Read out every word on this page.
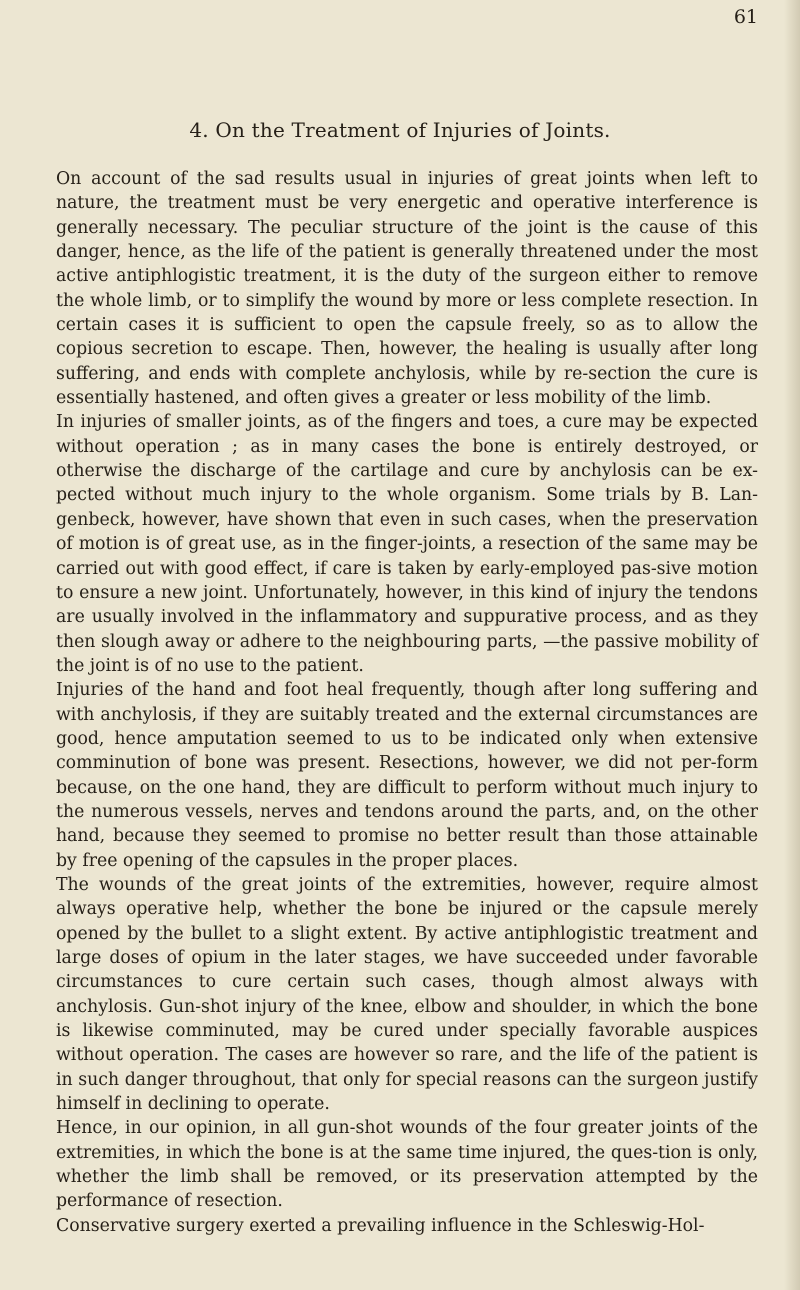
61
4. On the Treatment of Injuries of Joints.

On account of the sad results usual in injuries of great joints when left to nature, the treatment must be very energetic and operative interference is generally necessary. The peculiar structure of the joint is the cause of this danger, hence, as the life of the patient is generally threatened under the most active antiphlogistic treatment, it is the duty of the surgeon either to remove the whole limb, or to simplify the wound by more or less complete resection. In certain cases it is sufficient to open the capsule freely, so as to allow the copious secretion to escape. Then, however, the healing is usually after long suffering, and ends with complete anchylosis, while by re-section the cure is essentially hastened, and often gives a greater or less mobility of the limb.

In injuries of smaller joints, as of the fingers and toes, a cure may be expected without operation ; as in many cases the bone is entirely destroyed, or otherwise the discharge of the cartilage and cure by anchylosis can be ex-pected without much injury to the whole organism. Some trials by B. Lan-genbeck, however, have shown that even in such cases, when the preservation of motion is of great use, as in the finger-joints, a resection of the same may be carried out with good effect, if care is taken by early-employed pas-sive motion to ensure a new joint. Unfortunately, however, in this kind of injury the tendons are usually involved in the inflammatory and suppurative process, and as they then slough away or adhere to the neighbouring parts, —the passive mobility of the joint is of no use to the patient.

Injuries of the hand and foot heal frequently, though after long suffering and with anchylosis, if they are suitably treated and the external circumstances are good, hence amputation seemed to us to be indicated only when extensive comminution of bone was present. Resections, however, we did not per-form because, on the one hand, they are difficult to perform without much injury to the numerous vessels, nerves and tendons around the parts, and, on the other hand, because they seemed to promise no better result than those attainable by free opening of the capsules in the proper places.

The wounds of the great joints of the extremities, however, require almost always operative help, whether the bone be injured or the capsule merely opened by the bullet to a slight extent. By active antiphlogistic treatment and large doses of opium in the later stages, we have succeeded under favorable circumstances to cure certain such cases, though almost always with anchylosis. Gun-shot injury of the knee, elbow and shoulder, in which the bone is likewise comminuted, may be cured under specially favorable auspices without operation. The cases are however so rare, and the life of the patient is in such danger throughout, that only for special reasons can the surgeon justify himself in declining to operate.

Hence, in our opinion, in all gun-shot wounds of the four greater joints of the extremities, in which the bone is at the same time injured, the ques-tion is only, whether the limb shall be removed, or its preservation attempted by the performance of resection.

Conservative surgery exerted a prevailing influence in the Schleswig-Hol-
